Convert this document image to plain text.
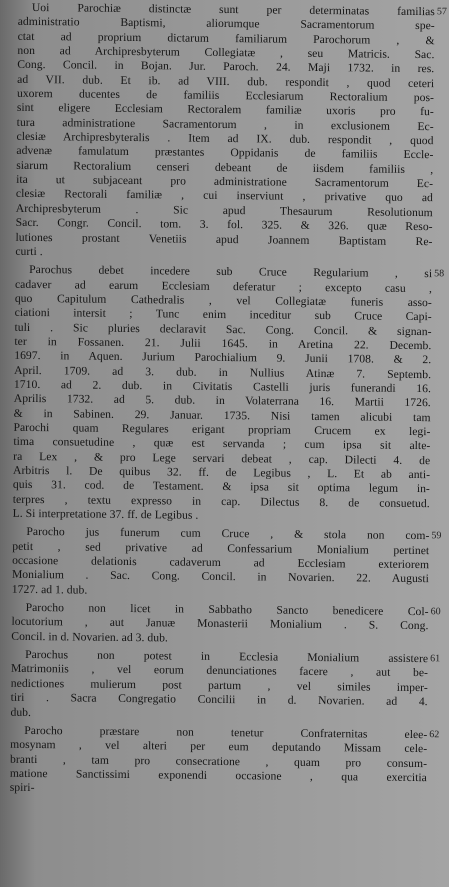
Uoi Parochiæ distinctæ sunt per determinatas familias 57
administratio Baptismi, aliorumque Sacramentorum spe-
ctat ad proprium dictarum familiarum Parochorum , &
non ad Archipresbyterum Collegiatæ , seu Matricis. Sac.
Cong. Concil. in Bojan. Jur. Paroch. 24. Maji 1732. in res.
ad VII. dub. Et ib. ad VIII. dub. respondit , quod ceteri
uxorem ducentes de familiis Ecclesiarum Rectoralium pos-
sint eligere Ecclesiam Rectoralem familiæ uxoris pro fu-
tura administratione Sacramentorum , in exclusionem Ec-
clesiæ Archipresbyteralis . Item ad IX. dub. respondit , quod
advenæ famulatum præstantes Oppidanis de familiis Eccle-
siarum Rectoralium censeri debeant de iisdem familiis ,
ita ut subjaceant pro administratione Sacramentorum Ec-
clesiæ Rectorali familiæ , cui inserviunt , privative quo ad
Archipresbyterum . Sic apud Thesaurum Resolutionum
Sacr. Congr. Concil. tom. 3. fol. 325. & 326. quæ Reso-
lutiones prostant Venetiis apud Joannem Baptistam Re-
curti .
Parochus debet incedere sub Cruce Regularium , si 58
cadaver ad earum Ecclesiam deferatur ; excepto casu ,
quo Capitulum Cathedralis , vel Collegiatæ funeris asso-
ciationi intersit ; Tunc enim inceditur sub Cruce Capi-
tuli . Sic pluries declaravit Sac. Cong. Concil. & signan-
ter in Fossanen. 21. Julii 1645. in Aretina 22. Decemb.
1697. in Aquen. Jurium Parochialium 9. Junii 1708. & 2.
April. 1709. ad 3. dub. in Nullius Atinæ 7. Septemb.
1710. ad 2. dub. in Civitatis Castelli juris funerandi 16.
Aprilis 1732. ad 5. dub. in Volaterrana 16. Martii 1726.
& in Sabinen. 29. Januar. 1735. Nisi tamen alicubi tam
Parochi quam Regulares erigant propriam Crucem ex legi-
tima consuetudine , quæ est servanda ; cum ipsa sit alte-
ra Lex , & pro Lege servari debeat , cap. Dilecti 4. de
Arbitris l. De quibus 32. ff. de Legibus , L. Et ab anti-
quis 31. cod. de Testament. & ipsa sit optima legum in-
terpres , textu expresso in cap. Dilectus 8. de consuetud.
L. Si interpretatione 37. ff. de Legibus .
Parocho jus funerum cum Cruce , & stola non com- 59
petit , sed privative ad Confessarium Monialium pertinet
occasione delationis cadaverum ad Ecclesiam exteriorem
Monialium . Sac. Cong. Concil. in Novarien. 22. Augusti
1727. ad 1. dub.
Parocho non licet in Sabbatho Sancto benedicere Col- 60
locutorium , aut Januæ Monasterii Monialium . S. Cong.
Concil. in d. Novarien. ad 3. dub.
Parochus non potest in Ecclesia Monialium assistere 61
Matrimoniis , vel eorum denunciationes facere , aut be-
nedictiones mulierum post partum , vel similes imper-
tiri . Sacra Congregatio Concilii in d. Novarien. ad 4.
dub.
Parocho præstare non tenetur Confraternitas elee- 62
mosynam , vel alteri per eum deputando Missam cele-
branti , tam pro consecratione , quam pro consum-
matione Sanctissimi exponendi occasione , qua exercitia
spiri-
